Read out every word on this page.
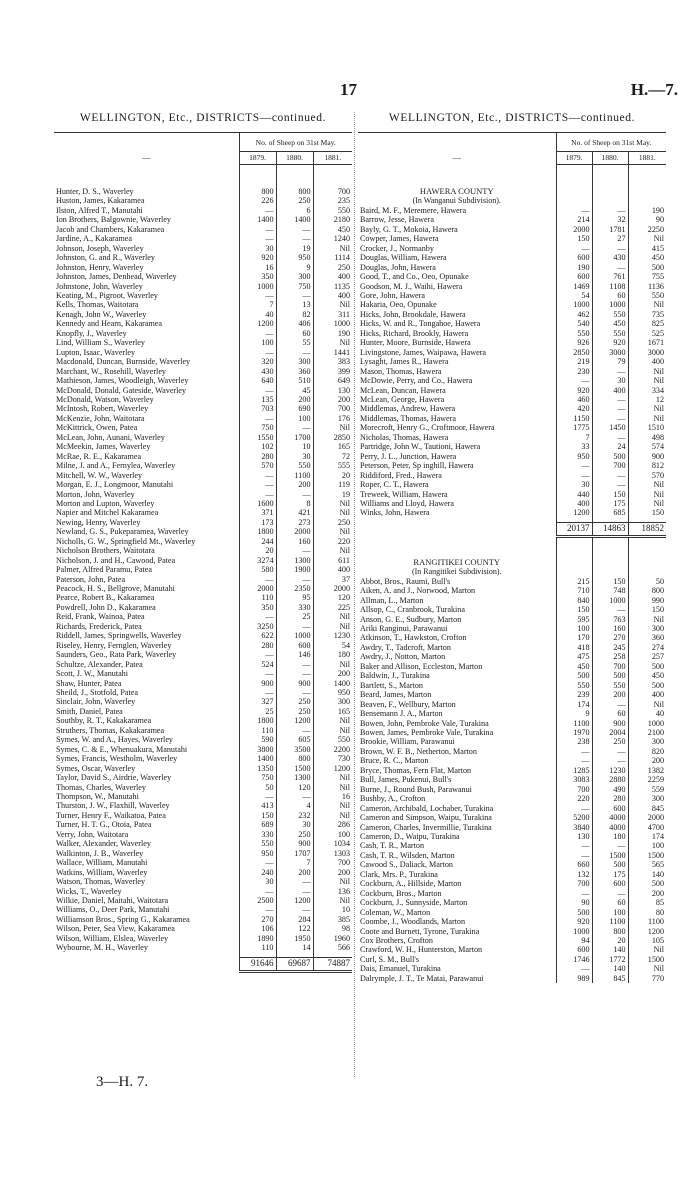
17	H.—7.
WELLINGTON, Etc., DISTRICTS—continued.
	No. of Sheep on 31st May.		
—	1879.	1880.	1881.

Hunter, D. S., Waverley	800	800	700
Huston, James, Kakaramea	226	250	235
Ilston, Alfred T., Manutahi	—	6	550
Ion Brothers, Balgownie, Waverley	1400	1400	2180
Jacob and Chambers, Kakaramea	—	—	450
Jardine, A., Kakaramea	—	—	1240
Johnson, Joseph, Waverley	30	19	Nil
Johnston, G. and R., Waverley	920	950	1114
Johnston, Henry, Waverley	16	9	250
Johnston, James, Denhead, Waverley	350	300	400
Johnstone, John, Waverley	1000	750	1135
Keating, M., Pigroot, Waverley	—	—	400
Kells, Thomas, Waitotara	7	13	Nil
Kenagh, John W., Waverley	40	82	311
Kennedy and Hearn, Kakaramea	1200	406	1000
Knopfly, J., Waverley	—	60	190
Lind, William S., Waverley	100	55	Nil
Lupton, Isaac, Waverley	—	—	1441
Macdonald, Duncan, Burnside, Waverley	320	300	383
Marchant, W., Rosehill, Waverley	430	360	399
Mathieson, James, Woodleigh, Waverley	640	510	649
McDonald, Donald, Gateside, Waverley	—	45	130
McDonald, Watson, Waverley	135	200	200
McIntosh, Robert, Waverley	703	690	700
McKenzie, John, Waitotara	—	100	176
McKittrick, Owen, Patea	750	—	Nil
McLean, John, Aunani, Waverley	1550	1700	2850
McMeekin, James, Waverley	102	10	165
McRae, R. E., Kakaramea	280	30	72
Milne, J. and A., Fernylea, Waverley	570	550	555
Mitchell, W. W., Waverley	—	1100	20
Morgan, E. J., Longmoor, Manutahi	—	200	119
Morton, John, Waverley	—	—	19
Morton and Lupton, Waverley	1600	8	Nil
Napier and Mitchel Kakaramea	371	421	Nil
Newing, Henry, Waverley	173	273	250
Newland, G. S., Pukeparamea, Waverley	1800	2000	Nil
Nicholls, G. W., Springfield Mt., Waverley	244	160	220
Nicholson Brothers, Waitotara	20	—	Nil
Nicholson, J. and H., Cawood, Patea	3274	1300	611
Palmer, Alfred Paramu, Patea	580	1900	400
Paterson, John, Patea	—	—	37
Peacock, H. S., Bellgrove, Manutahi	2000	2350	2000
Pearce, Robert B., Kakaramea	110	95	120
Powdrell, John D., Kakaramea	350	330	225
Reid, Frank, Wainoa, Patea	—	25	Nil
Richards, Frederick, Patea	3250	—	Nil
Riddell, James, Springwells, Waverley	622	1000	1230
Riseley, Henry, Fernglen, Waverley	280	600	54
Saunders, Geo., Rata Park, Waverley	—	146	180
Schultze, Alexander, Patea	524	—	Nil
Scott, J. W., Manutahi	—	—	200
Shaw, Hunter, Patea	900	900	1400
Sheild, J., Stotfold, Patea	—	—	950
Sinclair, John, Waverley	327	250	300
Smith, Daniel, Patea	25	250	165
Southby, R. T., Kakakaramea	1800	1200	Nil
Struthers, Thomas, Kakakaramea	110	—	Nil
Symes, W. and A., Hayes, Waverley	590	605	550
Symes, C. & E., Whenuakura, Manutahi	3800	3500	2200
Symes, Francis, Westholm, Waverley	1400	800	730
Symes, Oscar, Waverley	1350	1500	1200
Taylor, David S., Airdrie, Waverley	750	1300	Nil
Thomas, Charles, Waverley	50	120	Nil
Thompson, W., Manutahi	—	—	16
Thurston, J. W., Flaxhill, Waverley	413	4	Nil
Turner, Henry F., Waikatoa, Patea	150	232	Nil
Turner, H. T. G., Otoia, Patea	689	30	286
Verry, John, Waitotara	330	250	100
Walker, Alexander, Waverley	550	900	1034
Walkinton, J. B., Waverley	950	1707	1303
Wallace, William, Manutahi	—	7	700
Watkins, William, Waverley	240	200	200
Watson, Thomas, Waverley	30	—	Nil
Wicks, T., Waverley	—	—	136
Wilkie, Daniel, Maitahi, Waitotara	2500	1200	Nil
Williams, O., Deer Park, Manutahi	—	—	10
Williamson Bros., Spring G., Kakaramea	270	284	385
Wilson, Peter, Sea View, Kakaramea	106	122	98
Wilson, William, Elslea, Waverley	1890	1950	1960
Wybourne, M. H., Waverley	110	14	566

	91646	69687	74887
WELLINGTON, Etc., DISTRICTS—continued.
	No. of Sheep on 31st May.		
—	1879.	1880.	1881.

HAWERA COUNTY			
(In Wanganui Subdivision).			
Baird, M. F., Meremere, Hawera	—	—	190
Barrow, Jesse, Hawera	214	32	90
Bayly, G. T., Mokoia, Hawera	2000	1781	2250
Cowper, James, Hawera	150	27	Nil
Crocker, J., Normanby	—	—	415
Douglas, William, Hawera	600	430	450
Douglas, John, Hawera	190	—	500
Good, T., and Co., Oeo, Opunake	600	761	755
Goodson, M. J., Waihi, Hawera	1469	1108	1136
Gore, John, Hawera	54	60	550
Hakaria, Oeo, Opunake	1000	1000	Nil
Hicks, John, Brookdale, Hawera	462	550	735
Hicks, W. and R., Tongahoe, Hawera	540	450	825
Hicks, Richard, Brookly, Hawera	550	550	525
Hunter, Moore, Burnside, Hawera	926	920	1671
Livingstone, James, Waipawa, Hawera	2850	3000	3000
Lysaght, James R., Hawera	219	79	400
Mason, Thomas, Hawera	230	—	Nil
McDowie, Perry, and Co., Hawera	—	30	Nil
McLean, Duncan, Hawera	920	400	334
McLean, George, Hawera	460	—	12
Middlemas, Andrew, Hawera	420	—	Nil
Middlemas, Thomas, Hawera	1150	—	Nil
Morecroft, Henry G., Croftmoor, Hawera	1775	1450	1510
Nicholas, Thomas, Hawera	7	—	498
Partridge, John W., Tautioni, Hawera	33	24	574
Perry, J. L., Junction, Hawera	950	500	900
Peterson, Peter, Sp inghill, Hawera	—	700	812
Riddiford, Fred., Hawera	—	—	570
Roper, C. T., Hawera	30	—	Nil
Treweek, William, Hawera	440	150	Nil
Williams and Lloyd, Hawera	400	175	Nil
Winks, John, Hawera	1200	685	150

	20137	14863	18852

RANGITIKEI COUNTY			
(In Rangitikei Subdivision).			
Abbot, Bros., Raumi, Bull's	215	150	50
Aiken, A. and J., Norwood, Marton	710	748	800
Allman, L., Marton	840	1000	990
Allsop, C., Cranbrook, Turakina	150	—	150
Anson, G. E., Sudbury, Marton	595	763	Nil
Ariki Ranginui, Parawanui	100	160	300
Atkinson, T., Hawkston, Crofton	170	270	360
Awdry, T., Tadcroft, Marton	418	245	274
Awdry, J., Notton, Marton	475	258	257
Baker and Allison, Eccleston, Marton	450	700	500
Baldwin, J., Turakina	500	500	450
Bartlett, S., Marton	550	550	500
Beard, James, Marton	239	200	400
Beaven, F., Wellbury, Marton	174	—	Nil
Bensemann J. A., Marton	9	60	40
Bowen, John, Pembroke Vale, Turakina	1100	900	1000
Bowen, James, Pembroke Vale, Turakina	1970	2004	2100
Brookie, William, Parawanui	238	250	300
Brown, W. F. B., Netherton, Marton	—	—	820
Bruce, R. C., Marton	—	—	200
Bryce, Thomas, Fern Flat, Marton	1285	1230	1382
Bull, James, Pukenui, Bull's	3083	2880	2259
Burne, J., Round Bush, Parawanui	700	490	559
Bushby, A., Crofton	220	280	300
Cameron, Archibald, Lochaber, Turakina	—	600	845
Cameron and Simpson, Waipu, Turakina	5200	4000	2000
Cameron, Charles, Invermillie, Turakina	3840	4000	4700
Cameron, D., Waipu, Turakina	130	180	174
Cash, T. R., Marton	—	—	100
Cash, T. R., Wilsden, Marton	—	1500	1500
Cawood S., Daliack, Marton	660	500	565
Clark, Mrs. P., Turakina	132	175	140
Cockburn, A., Hillside, Marton	700	600	500
Cockburn, Bros., Marton	—	—	200
Cockburn, J., Sunnyside, Marton	90	60	85
Coleman, W., Marton	500	100	80
Coombe, J., Woodlands, Marton	920	1100	1100
Coote and Burnett, Tyrone, Turakina	1000	800	1200
Cox Brothers, Crofton	94	20	105
Crawford, W. H., Hunterston, Marton	600	140	Nil
Curl, S. M., Bull's	1746	1772	1500
Dais, Emanuel, Turakina	—	140	Nil
Dalrymple, J. T., Te Matai, Parawanui	989	845	770
3—H. 7.
